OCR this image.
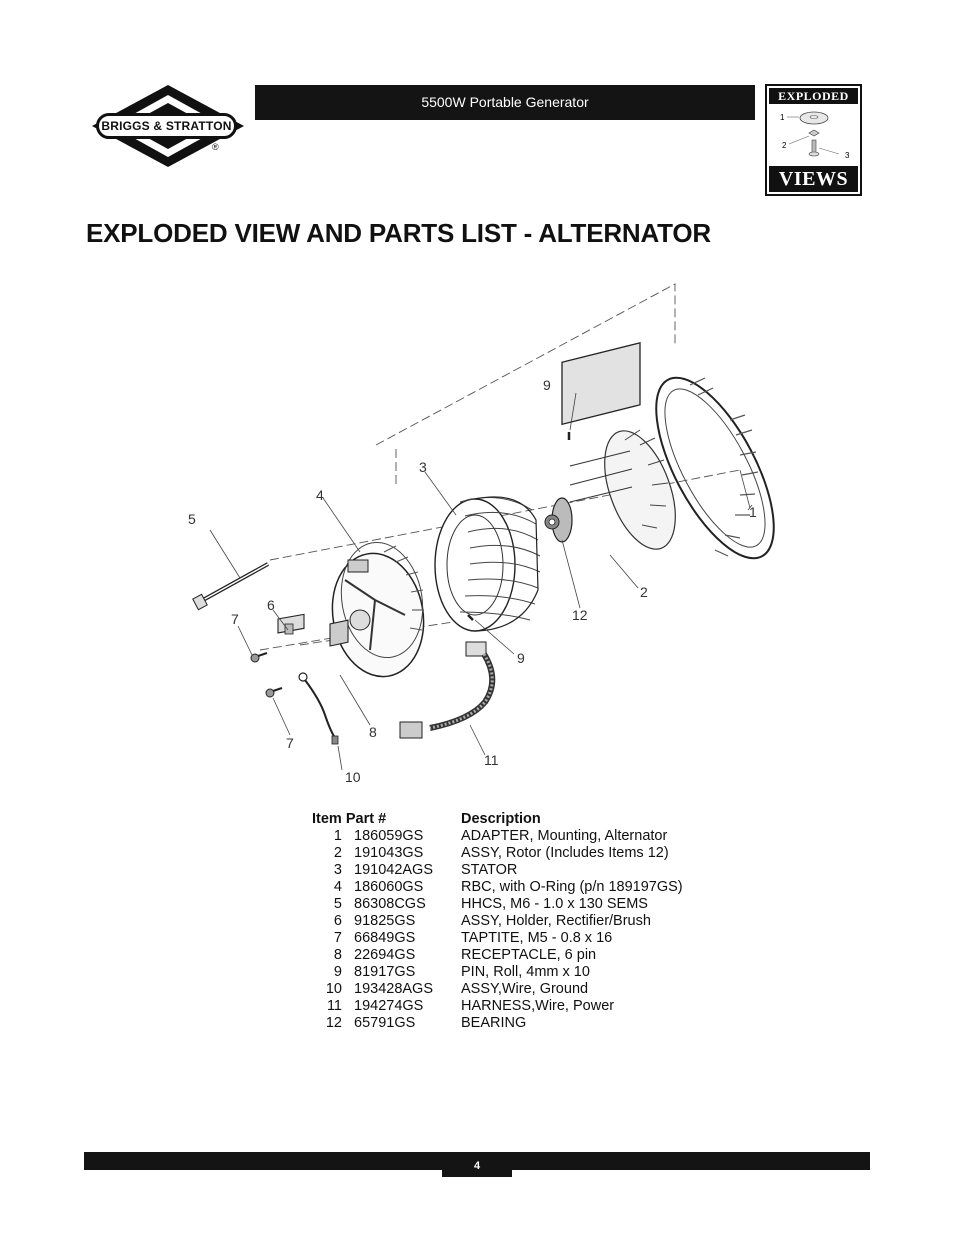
BRIGGS & STRATTON
®
5500W Portable Generator	EXPLODED
1
2
3
VIEWS
EXPLODED VIEW AND PARTS LIST - ALTERNATOR
1
2
3
4
5
6
7
7
8
9
9
10
11
12
Item Part #	Description
1 186059GS	ADAPTER, Mounting, Alternator
2 191043GS	ASSY, Rotor (Includes Items 12)
3 191042AGS	STATOR
4 186060GS	RBC, with O-Ring (p/n 189197GS)
5 86308CGS	HHCS, M6 - 1.0 x 130 SEMS
6 91825GS	ASSY, Holder, Rectifier/Brush
7 66849GS	TAPTITE, M5 - 0.8 x 16
8 22694GS	RECEPTACLE, 6 pin
9 81917GS	PIN, Roll, 4mm x 10
10 193428AGS	ASSY,Wire, Ground
11 194274GS	HARNESS,Wire, Power
12 65791GS	BEARING
4
